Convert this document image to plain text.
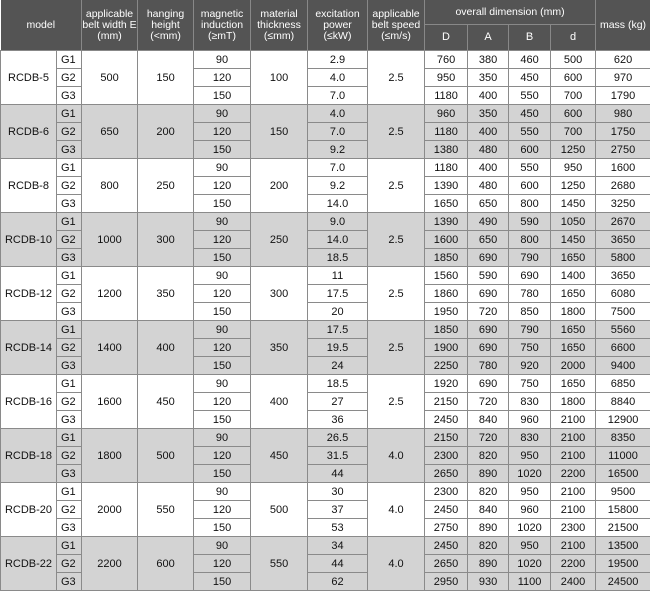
model		applicable belt width E (mm)	hanging height (<mm)	magnetic induction (≥mT)	material thickness (≤mm)	excitation power (≤kW)	applicable belt speed (≤m/s)	overall dimension (mm)				mass (kg)
								D	A	B	d	
RCDB-5	G1	500	150	90	100	2.9	2.5	760	380	460	500	620
	G2			120		4.0		950	350	450	600	970
	G3			150		7.0		1180	400	550	700	1790
RCDB-6	G1	650	200	90	150	4.0	2.5	960	350	450	600	980
	G2			120		7.0		1180	400	550	700	1750
	G3			150		9.2		1380	480	600	1250	2750
RCDB-8	G1	800	250	90	200	7.0	2.5	1180	400	550	950	1600
	G2			120		9.2		1390	480	600	1250	2680
	G3			150		14.0		1650	650	800	1450	3250
RCDB-10	G1	1000	300	90	250	9.0	2.5	1390	490	590	1050	2670
	G2			120		14.0		1600	650	800	1450	3650
	G3			150		18.5		1850	690	790	1650	5800
RCDB-12	G1	1200	350	90	300	11	2.5	1560	590	690	1400	3650
	G2			120		17.5		1860	690	780	1650	6080
	G3			150		20		1950	720	850	1800	7500
RCDB-14	G1	1400	400	90	350	17.5	2.5	1850	690	790	1650	5560
	G2			120		19.5		1900	690	750	1650	6600
	G3			150		24		2250	780	920	2000	9400
RCDB-16	G1	1600	450	90	400	18.5	2.5	1920	690	750	1650	6850
	G2			120		27		2150	720	830	1800	8840
	G3			150		36		2450	840	960	2100	12900
RCDB-18	G1	1800	500	90	450	26.5	4.0	2150	720	830	2100	8350
	G2			120		31.5		2300	820	950	2100	11000
	G3			150		44		2650	890	1020	2200	16500
RCDB-20	G1	2000	550	90	500	30	4.0	2300	820	950	2100	9500
	G2			120		37		2450	840	960	2100	15800
	G3			150		53		2750	890	1020	2300	21500
RCDB-22	G1	2200	600	90	550	34	4.0	2450	820	950	2100	13500
	G2			120		44		2650	890	1020	2200	19500
	G3			150		62		2950	930	1100	2400	24500
